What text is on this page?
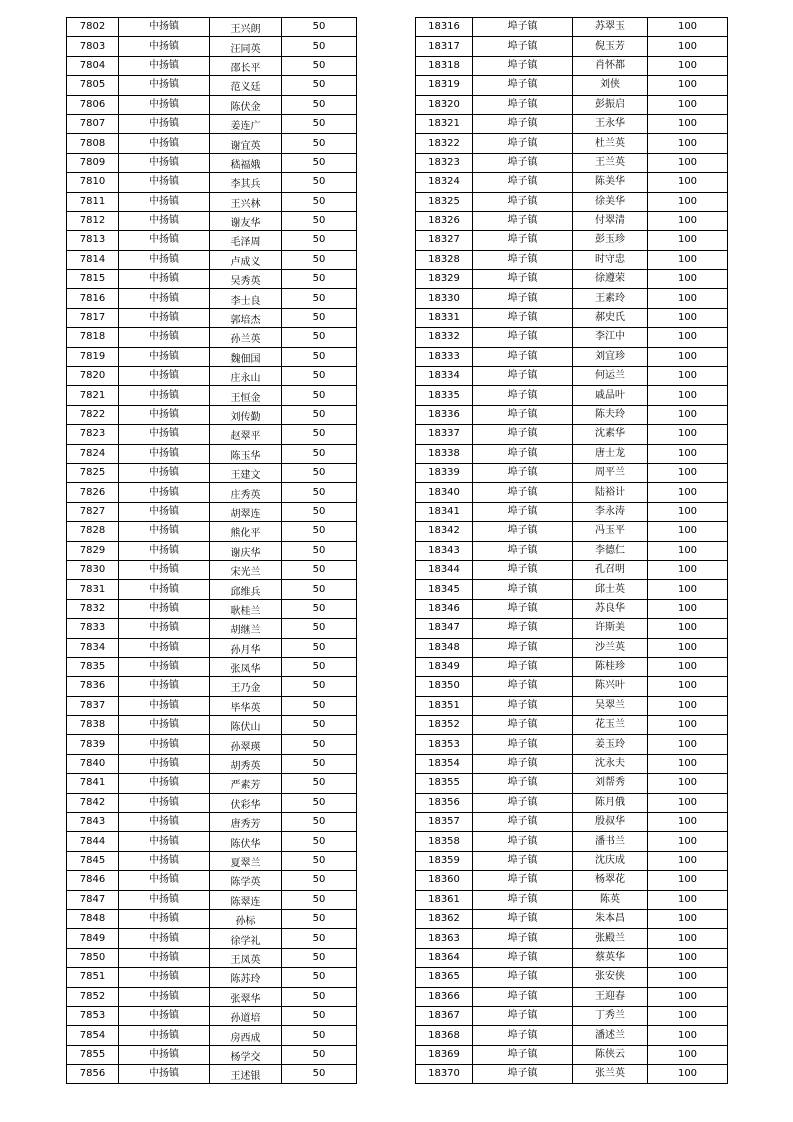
7802	中扬镇	王兴朗	50
7803	中扬镇	汪同英	50
7804	中扬镇	邵长平	50
7805	中扬镇	范义廷	50
7806	中扬镇	陈伏金	50
7807	中扬镇	姜连广	50
7808	中扬镇	谢宜英	50
7809	中扬镇	嵇福娥	50
7810	中扬镇	李其兵	50
7811	中扬镇	王兴林	50
7812	中扬镇	谢友华	50
7813	中扬镇	毛泽周	50
7814	中扬镇	卢成义	50
7815	中扬镇	吴秀英	50
7816	中扬镇	李士良	50
7817	中扬镇	郭培杰	50
7818	中扬镇	孙兰英	50
7819	中扬镇	魏佃国	50
7820	中扬镇	庄永山	50
7821	中扬镇	王恒金	50
7822	中扬镇	刘传勤	50
7823	中扬镇	赵翠平	50
7824	中扬镇	陈玉华	50
7825	中扬镇	王建文	50
7826	中扬镇	庄秀英	50
7827	中扬镇	胡翠连	50
7828	中扬镇	熊化平	50
7829	中扬镇	谢庆华	50
7830	中扬镇	宋光兰	50
7831	中扬镇	邱维兵	50
7832	中扬镇	耿桂兰	50
7833	中扬镇	胡继兰	50
7834	中扬镇	孙月华	50
7835	中扬镇	张凤华	50
7836	中扬镇	王乃金	50
7837	中扬镇	毕华英	50
7838	中扬镇	陈伏山	50
7839	中扬镇	孙翠瑛	50
7840	中扬镇	胡秀英	50
7841	中扬镇	严素芳	50
7842	中扬镇	伏彩华	50
7843	中扬镇	唐秀芳	50
7844	中扬镇	陈伏华	50
7845	中扬镇	夏翠兰	50
7846	中扬镇	陈学英	50
7847	中扬镇	陈翠连	50
7848	中扬镇	孙标	50
7849	中扬镇	徐学礼	50
7850	中扬镇	王凤英	50
7851	中扬镇	陈苏玲	50
7852	中扬镇	张翠华	50
7853	中扬镇	孙道培	50
7854	中扬镇	房西成	50
7855	中扬镇	杨学交	50
7856	中扬镇	王述银	50
18316	埠子镇	苏翠玉	100
18317	埠子镇	倪玉芳	100
18318	埠子镇	肖怀都	100
18319	埠子镇	刘侠	100
18320	埠子镇	彭振启	100
18321	埠子镇	王永华	100
18322	埠子镇	杜兰英	100
18323	埠子镇	王兰英	100
18324	埠子镇	陈美华	100
18325	埠子镇	徐美华	100
18326	埠子镇	付翠清	100
18327	埠子镇	彭玉珍	100
18328	埠子镇	时守忠	100
18329	埠子镇	徐遵荣	100
18330	埠子镇	王素玲	100
18331	埠子镇	郝史氏	100
18332	埠子镇	李江中	100
18333	埠子镇	刘宜珍	100
18334	埠子镇	何运兰	100
18335	埠子镇	戚品叶	100
18336	埠子镇	陈夫玲	100
18337	埠子镇	沈素华	100
18338	埠子镇	唐士龙	100
18339	埠子镇	周平兰	100
18340	埠子镇	陆裕计	100
18341	埠子镇	李永涛	100
18342	埠子镇	冯玉平	100
18343	埠子镇	李德仁	100
18344	埠子镇	孔召明	100
18345	埠子镇	邱士英	100
18346	埠子镇	苏良华	100
18347	埠子镇	许斯美	100
18348	埠子镇	沙兰英	100
18349	埠子镇	陈桂珍	100
18350	埠子镇	陈兴叶	100
18351	埠子镇	吴翠兰	100
18352	埠子镇	花玉兰	100
18353	埠子镇	姜玉玲	100
18354	埠子镇	沈永夫	100
18355	埠子镇	刘帮秀	100
18356	埠子镇	陈月俄	100
18357	埠子镇	殷叔华	100
18358	埠子镇	潘书兰	100
18359	埠子镇	沈庆成	100
18360	埠子镇	杨翠花	100
18361	埠子镇	陈英	100
18362	埠子镇	朱本昌	100
18363	埠子镇	张殿兰	100
18364	埠子镇	蔡英华	100
18365	埠子镇	张安侠	100
18366	埠子镇	王迎春	100
18367	埠子镇	丁秀兰	100
18368	埠子镇	潘述兰	100
18369	埠子镇	陈侠云	100
18370	埠子镇	张兰英	100
